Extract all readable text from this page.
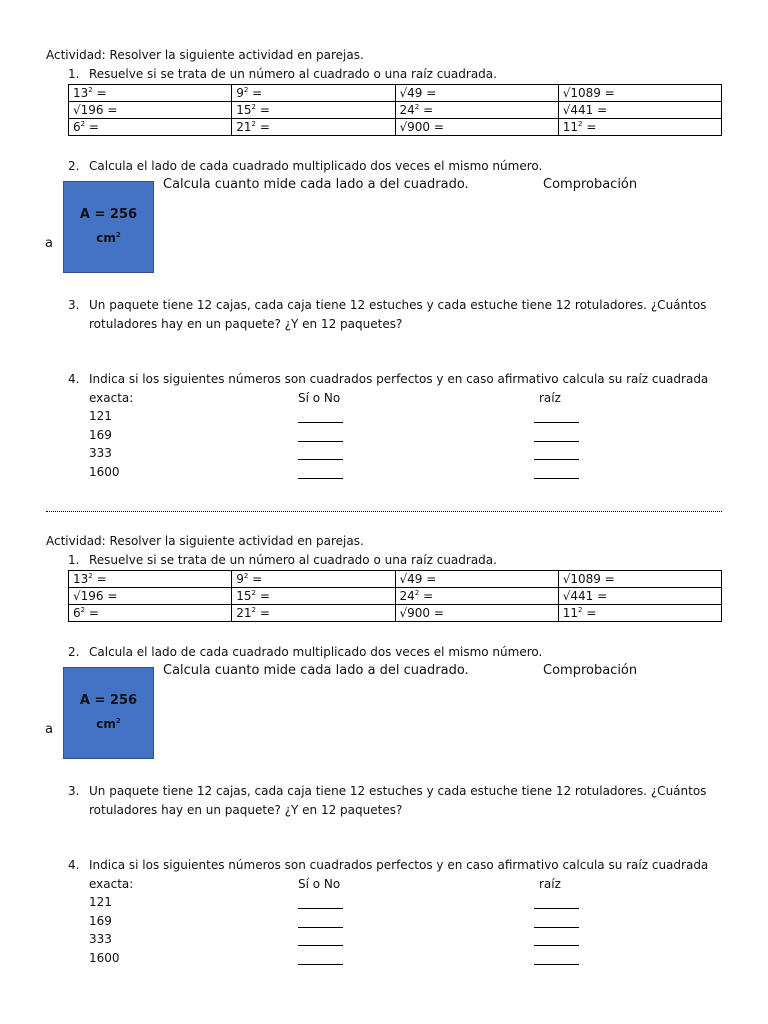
Actividad: Resolver la siguiente actividad en parejas.
1. Resuelve si se trata de un número al cuadrado o una raíz cuadrada.
$13^2$ =	$9^2$ =	√49 =	√1089 =
√196 =	$15^2$ =	$24^2$ =	√441 =
$6^2$ =	$21^2$ =	√900 =	$11^2$ =
2. Calcula el lado de cada cuadrado multiplicado dos veces el mismo número.
A = 256
$cm^2$
a
Calcula cuanto mide cada lado a del cuadrado.	Comprobación
3. Un paquete tiene 12 cajas, cada caja tiene 12 estuches y cada estuche tiene 12 rotuladores. ¿Cuántos
rotuladores hay en un paquete? ¿Y en 12 paquetes?
4. Indica si los siguientes números son cuadrados perfectos y en caso afirmativo calcula su raíz cuadrada
exacta:	Sí o No	raíz
121
169
333
1600
Actividad: Resolver la siguiente actividad en parejas.
1. Resuelve si se trata de un número al cuadrado o una raíz cuadrada.
$13^2$ =	$9^2$ =	√49 =	√1089 =
√196 =	$15^2$ =	$24^2$ =	√441 =
$6^2$ =	$21^2$ =	√900 =	$11^2$ =
2. Calcula el lado de cada cuadrado multiplicado dos veces el mismo número.
A = 256
$cm^2$
a
Calcula cuanto mide cada lado a del cuadrado.	Comprobación
3. Un paquete tiene 12 cajas, cada caja tiene 12 estuches y cada estuche tiene 12 rotuladores. ¿Cuántos
rotuladores hay en un paquete? ¿Y en 12 paquetes?
4. Indica si los siguientes números son cuadrados perfectos y en caso afirmativo calcula su raíz cuadrada
exacta:	Sí o No	raíz
121
169
333
1600
